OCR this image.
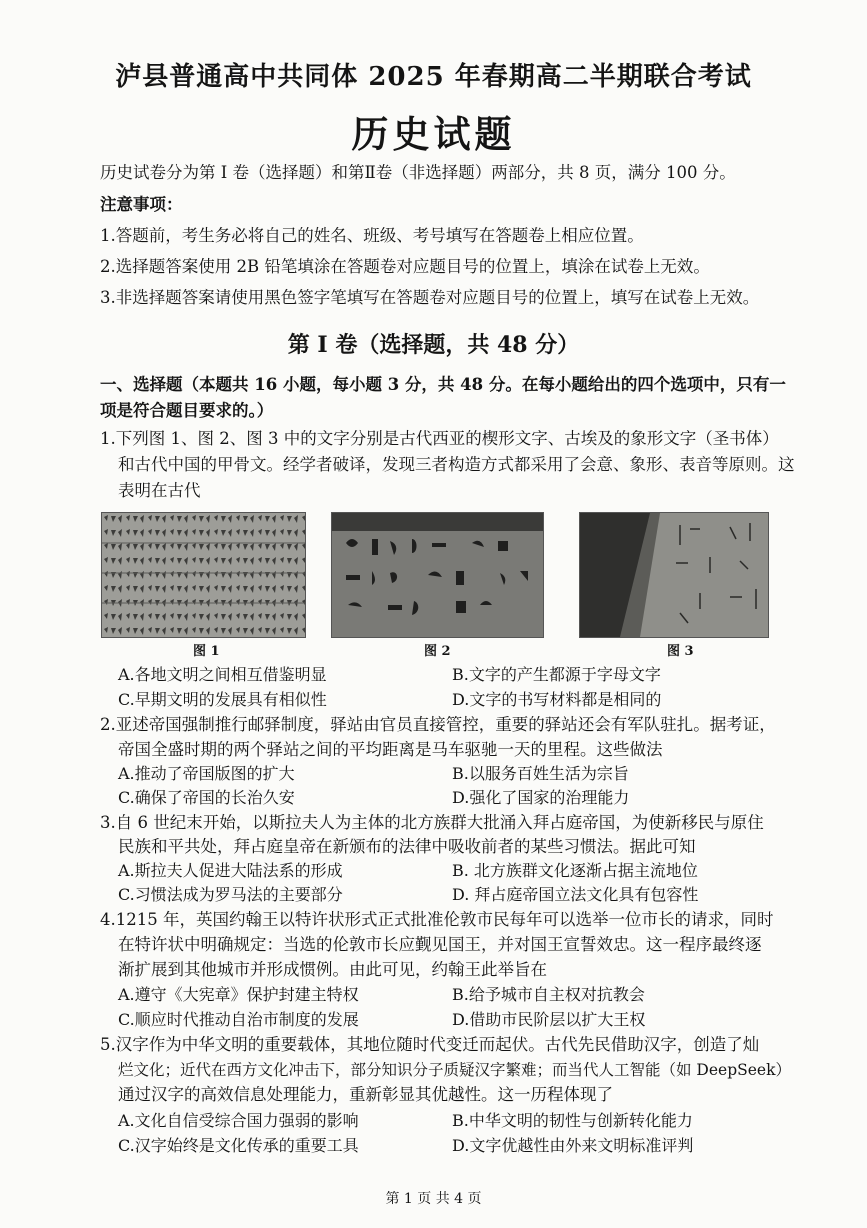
泸县普通高中共同体 2025 年春期高二半期联合考试
历史试题
历史试卷分为第 I 卷（选择题）和第Ⅱ卷（非选择题）两部分，共 8 页，满分 100 分。
注意事项：
1.答题前，考生务必将自己的姓名、班级、考号填写在答题卷上相应位置。
2.选择题答案使用 2B 铅笔填涂在答题卷对应题目号的位置上，填涂在试卷上无效。
3.非选择题答案请使用黑色签字笔填写在答题卷对应题目号的位置上，填写在试卷上无效。
第 I 卷（选择题，共 48 分）
一、选择题（本题共 16 小题，每小题 3 分，共 48 分。在每小题给出的四个选项中，只有一
项是符合题目要求的。）
1.下列图 1、图 2、图 3 中的文字分别是古代西亚的楔形文字、古埃及的象形文字（圣书体）
和古代中国的甲骨文。经学者破译，发现三者构造方式都采用了会意、象形、表音等原则。这
表明在古代
图 1	图 2	图 3
A.各地文明之间相互借鉴明显	B.文字的产生都源于字母文字
C.早期文明的发展具有相似性	D.文字的书写材料都是相同的
2.亚述帝国强制推行邮驿制度，驿站由官员直接管控，重要的驿站还会有军队驻扎。据考证，
帝国全盛时期的两个驿站之间的平均距离是马车驱驰一天的里程。这些做法
A.推动了帝国版图的扩大	B.以服务百姓生活为宗旨
C.确保了帝国的长治久安	D.强化了国家的治理能力
3.自 6 世纪末开始，以斯拉夫人为主体的北方族群大批涌入拜占庭帝国，为使新移民与原住
民族和平共处，拜占庭皇帝在新颁布的法律中吸收前者的某些习惯法。据此可知
A.斯拉夫人促进大陆法系的形成	B. 北方族群文化逐渐占据主流地位
C.习惯法成为罗马法的主要部分	D. 拜占庭帝国立法文化具有包容性
4.1215 年，英国约翰王以特许状形式正式批准伦敦市民每年可以选举一位市长的请求，同时
在特许状中明确规定：当选的伦敦市长应觐见国王，并对国王宣誓效忠。这一程序最终逐
渐扩展到其他城市并形成惯例。由此可见，约翰王此举旨在
A.遵守《大宪章》保护封建主特权	B.给予城市自主权对抗教会
C.顺应时代推动自治市制度的发展	D.借助市民阶层以扩大王权
5.汉字作为中华文明的重要载体，其地位随时代变迁而起伏。古代先民借助汉字，创造了灿
烂文化；近代在西方文化冲击下，部分知识分子质疑汉字繁难；而当代人工智能（如 DeepSeek）
通过汉字的高效信息处理能力，重新彰显其优越性。这一历程体现了
A.文化自信受综合国力强弱的影响	B.中华文明的韧性与创新转化能力
C.汉字始终是文化传承的重要工具	D.文字优越性由外来文明标准评判
第 1 页 共 4 页
